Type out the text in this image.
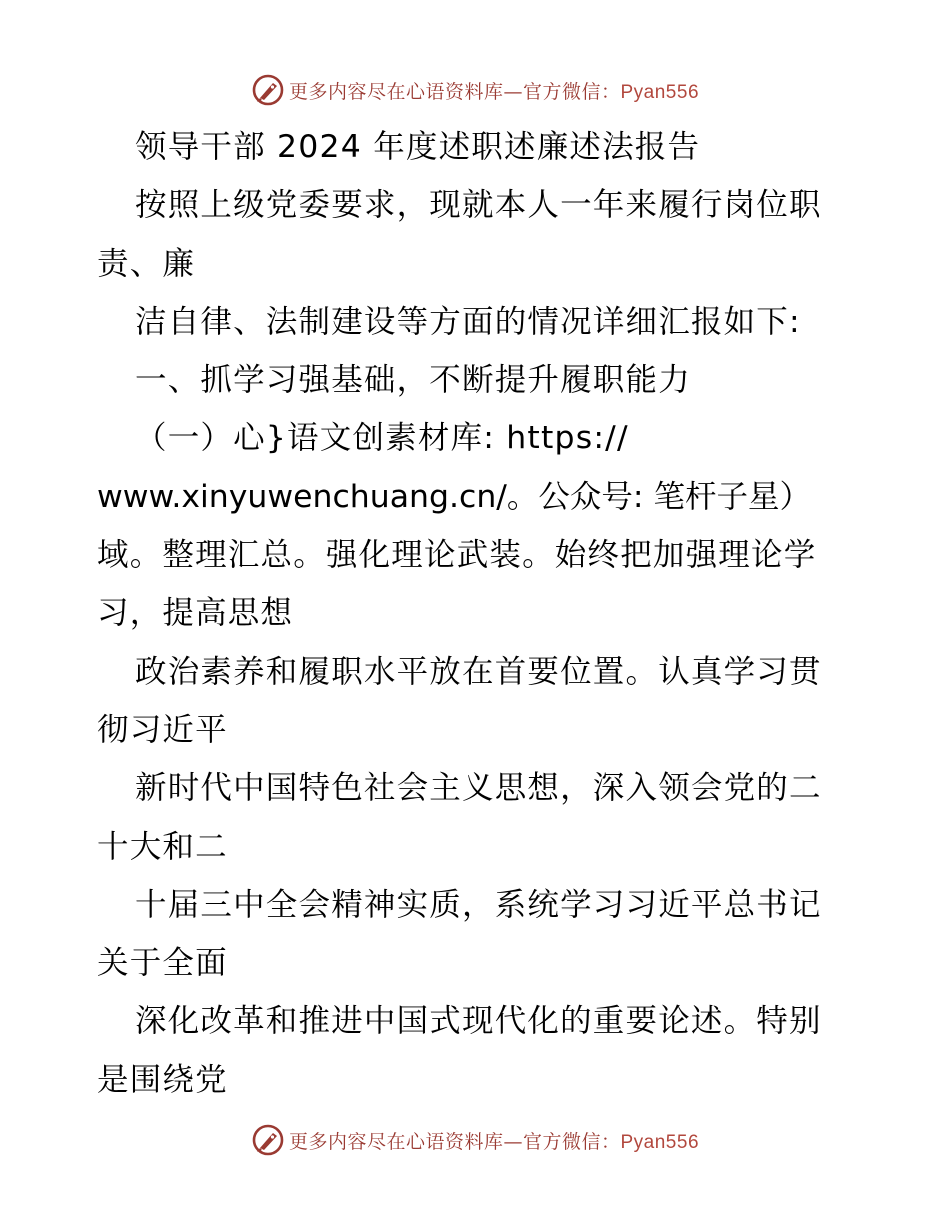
更多内容尽在心语资料库—官方微信：Pyan556
领导干部 2024 年度述职述廉述法报告
按照上级党委要求，现就本人一年来履行岗位职
责、廉
洁自律、法制建设等方面的情况详细汇报如下:
一、抓学习强基础，不断提升履职能力
（一）心}语文创素材库: https://
www.xinyuwenchuang.cn/。公众号: 笔杆子星）
域。整理汇总。强化理论武装。始终把加强理论学
习，提高思想
政治素养和履职水平放在首要位置。认真学习贯
彻习近平
新时代中国特色社会主义思想，深入领会党的二
十大和二
十届三中全会精神实质，系统学习习近平总书记
关于全面
深化改革和推进中国式现代化的重要论述。特别
是围绕党
更多内容尽在心语资料库—官方微信：Pyan556
